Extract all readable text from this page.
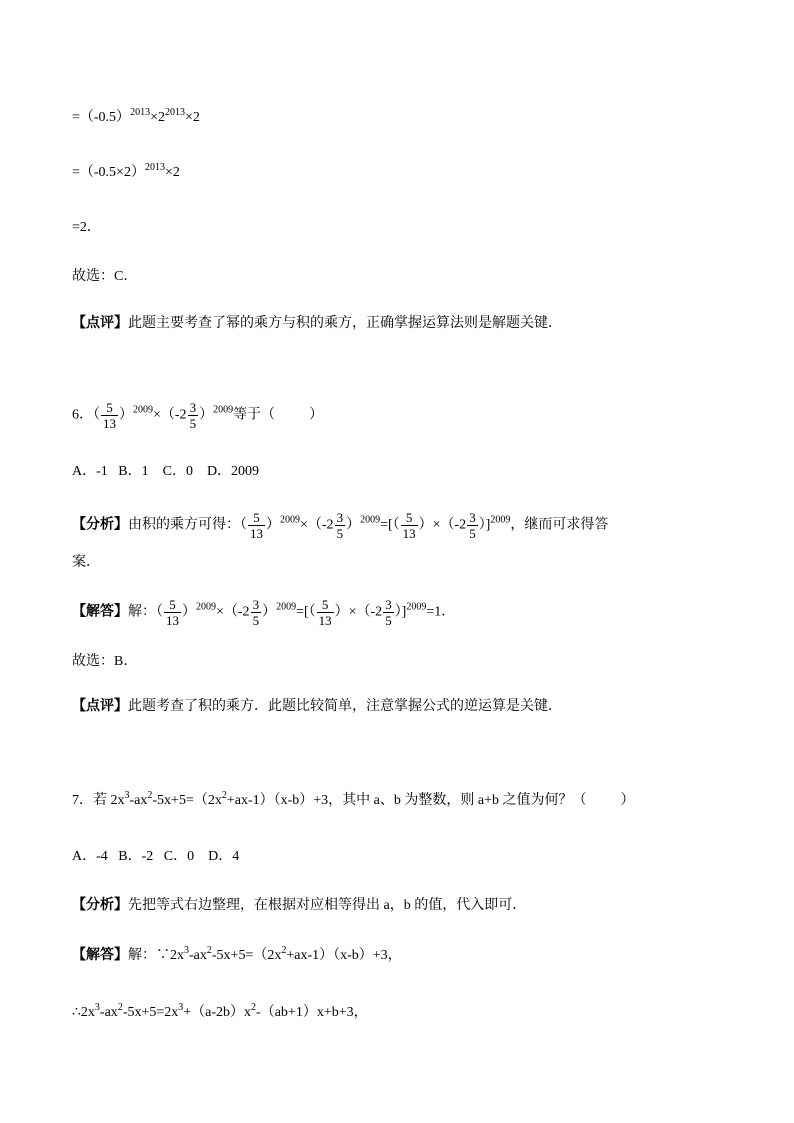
$=(-0.5)^{2013}\times 2^{2013}\times 2$
$=(-0.5\times 2)^{2013}\times 2$
=2．
故选：C．
【点评】此题主要考查了幂的乘方与积的乘方，正确掌握运算法则是解题关键．
6．（ $\frac{5}{13} )^{2009}\times(-2 \frac{3}{5} )^{2009}$等于（ ）
A．-1   B．1    C．0    D．2009
【分析】由积的乘方可得：（ $\frac{5}{13} )^{2009}\times(-2 \frac{3}{5} )^{2009}=[( \frac{5}{13} )\times(-2 \frac{3}{5} )]^{2009}$，继而可求得答
案．
【解答】解：（ $\frac{5}{13} )^{2009}\times(-2 \frac{3}{5} )^{2009}=[( \frac{5}{13} )\times(-2 \frac{3}{5} )]^{2009}=1$．
故选：B．
【点评】此题考查了积的乘方．此题比较简单，注意掌握公式的逆运算是关键．
7．若 $2x^3-ax^2-5x+5=(2x^2+ax-1)(x-b)+3$，其中 a、b 为整数，则 a+b 之值为何？（ ）
A．-4   B．-2   C．0    D．4
【分析】先把等式右边整理，在根据对应相等得出 a，b 的值，代入即可．
【解答】解：$\because 2x^3-ax^2-5x+5=(2x^2+ax-1)(x-b)+3$，
$\therefore 2x^3-ax^2-5x+5=2x^3+(a-2b)x^2-(ab+1)x+b+3$，
